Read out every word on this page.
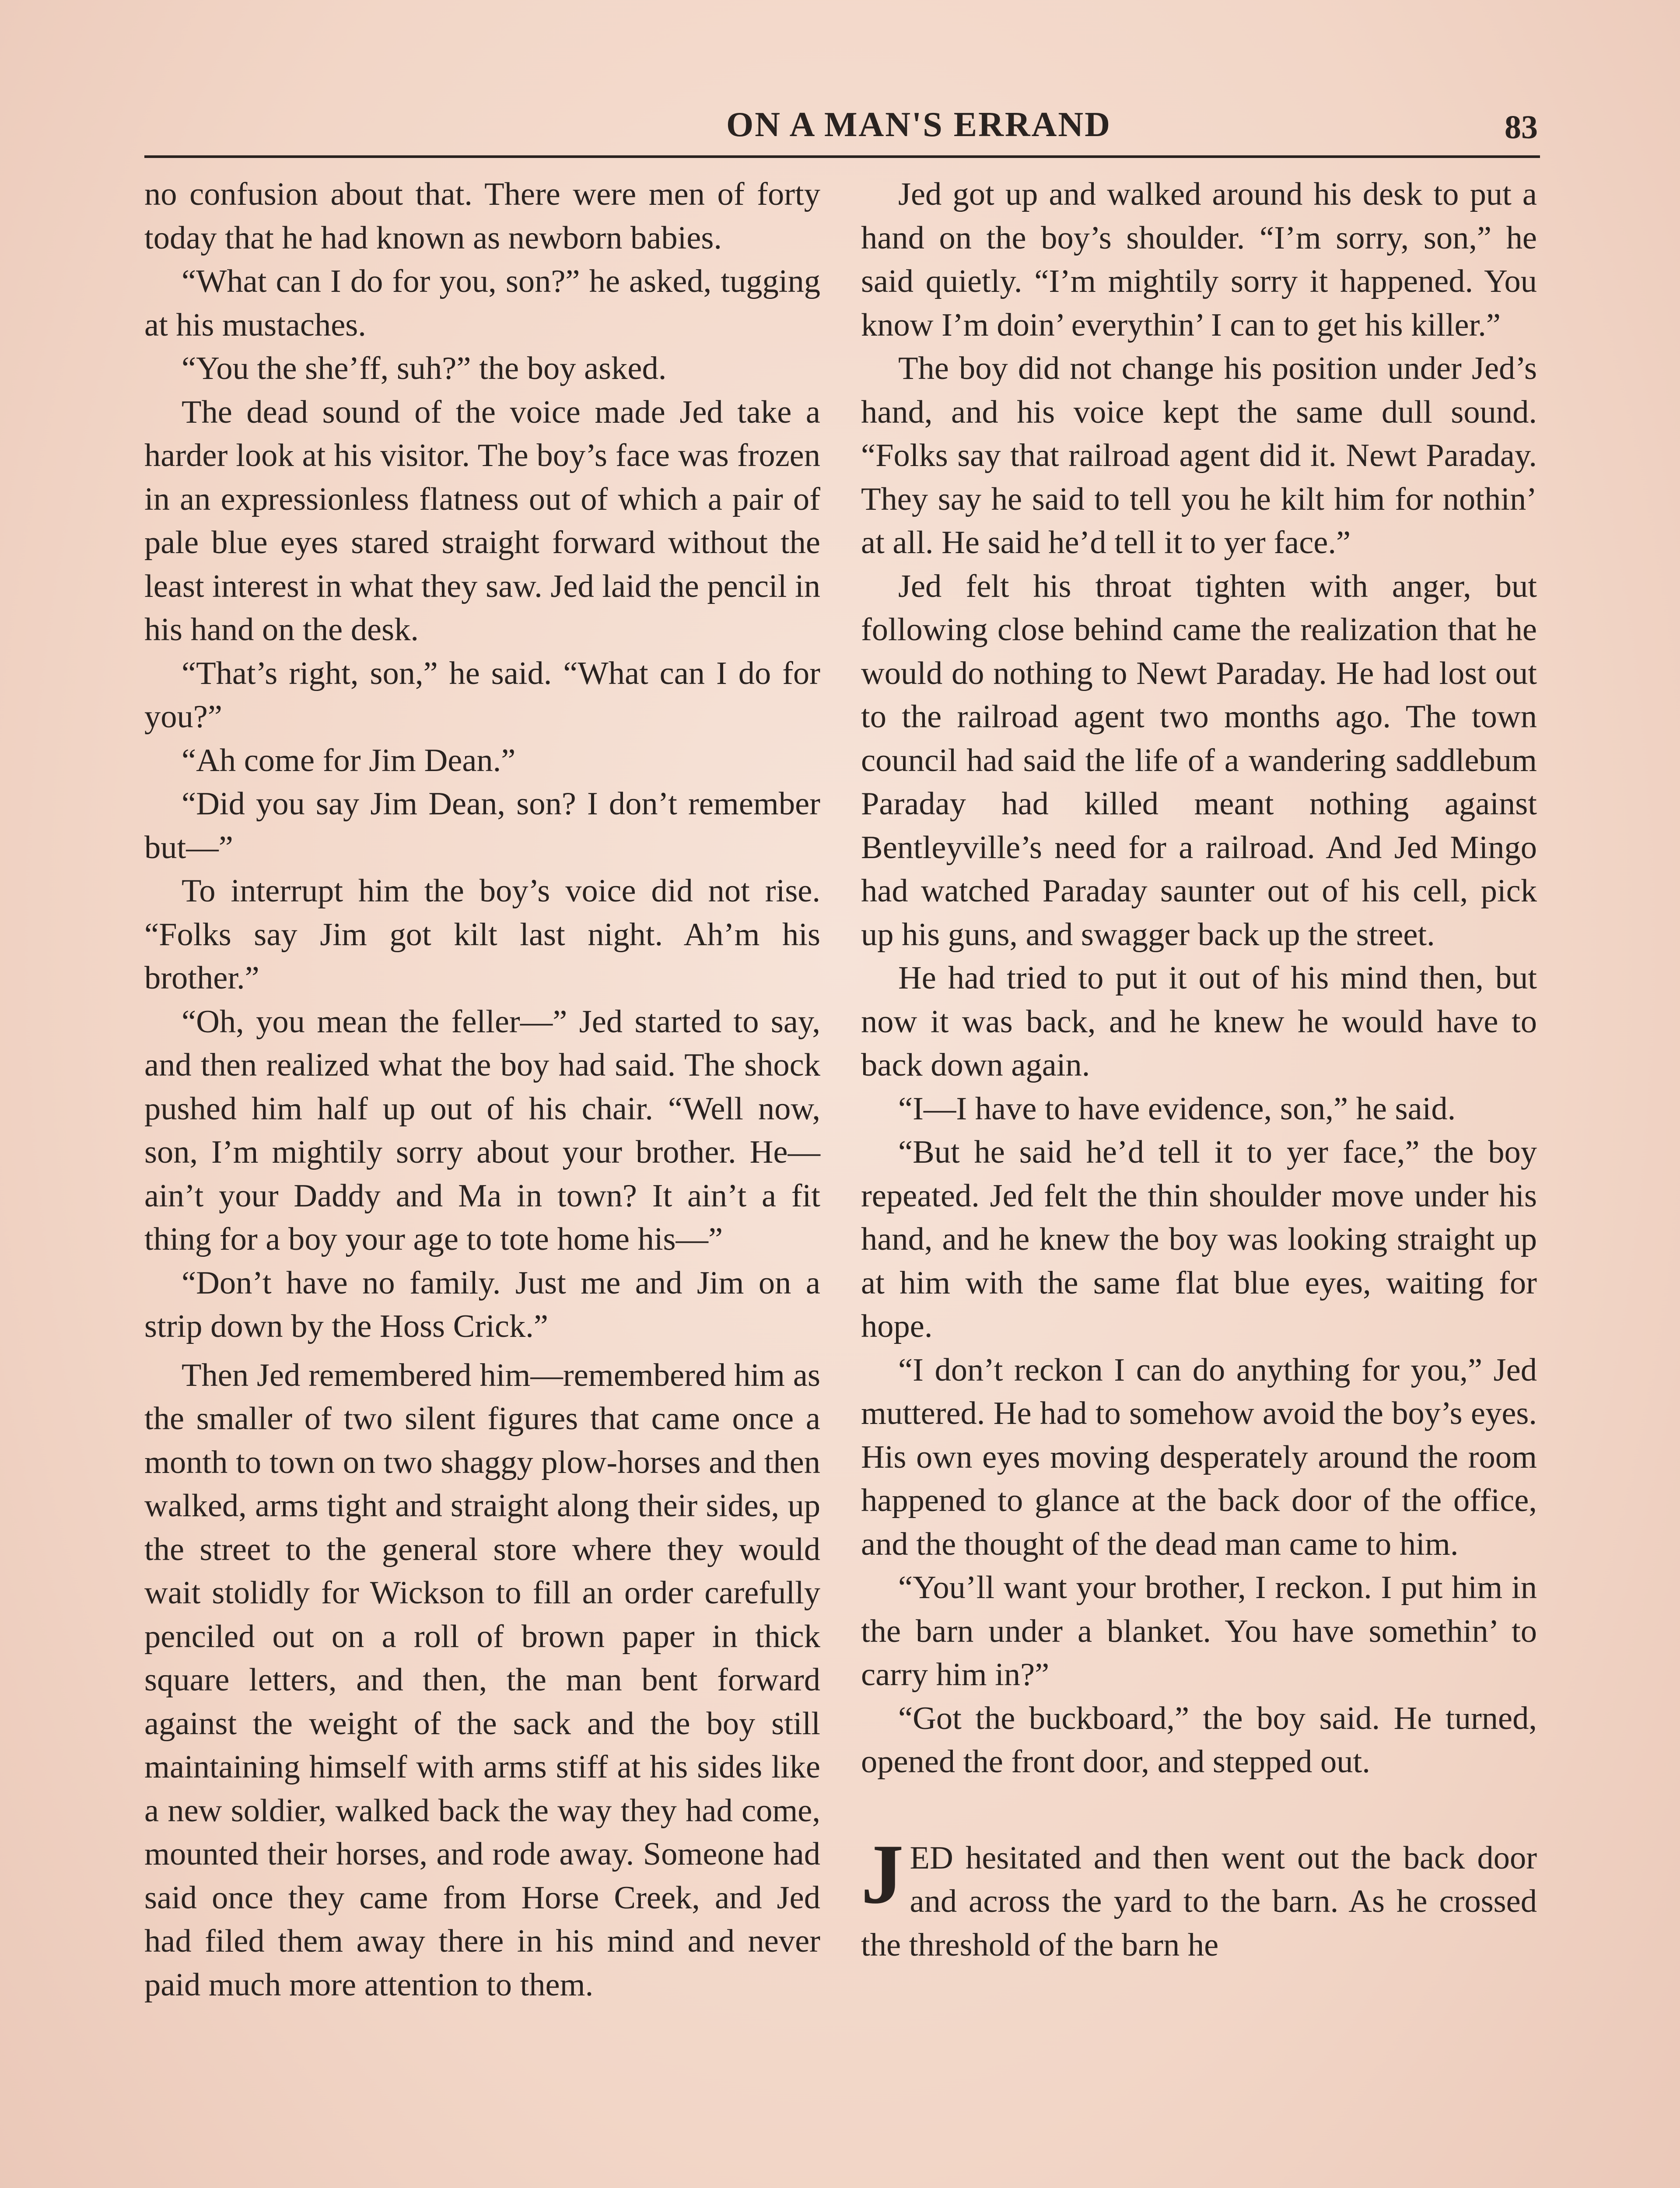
ON A MAN'S ERRAND	83

no confusion about that. There were men of forty today that he had known as newborn babies.

“What can I do for you, son?” he asked, tugging at his mustaches.

“You the she’ff, suh?” the boy asked.

The dead sound of the voice made Jed take a harder look at his visitor. The boy’s face was frozen in an expressionless flatness out of which a pair of pale blue eyes stared straight forward without the least interest in what they saw. Jed laid the pencil in his hand on the desk.

“That’s right, son,” he said. “What can I do for you?”

“Ah come for Jim Dean.”

“Did you say Jim Dean, son? I don’t remember but—”

To interrupt him the boy’s voice did not rise. “Folks say Jim got kilt last night. Ah’m his brother.”

“Oh, you mean the feller—” Jed started to say, and then realized what the boy had said. The shock pushed him half up out of his chair. “Well now, son, I’m mightily sorry about your brother. He—ain’t your Daddy and Ma in town? It ain’t a fit thing for a boy your age to tote home his—”

“Don’t have no family. Just me and Jim on a strip down by the Hoss Crick.”

Then Jed remembered him—remembered him as the smaller of two silent figures that came once a month to town on two shaggy plow-horses and then walked, arms tight and straight along their sides, up the street to the general store where they would wait stolidly for Wickson to fill an order carefully penciled out on a roll of brown paper in thick square letters, and then, the man bent forward against the weight of the sack and the boy still maintaining himself with arms stiff at his sides like a new soldier, walked back the way they had come, mounted their horses, and rode away. Someone had said once they came from Horse Creek, and Jed had filed them away there in his mind and never paid much more attention to them.

Jed got up and walked around his desk to put a hand on the boy’s shoulder. “I’m sorry, son,” he said quietly. “I’m mightily sorry it happened. You know I’m doin’ everythin’ I can to get his killer.”

The boy did not change his position under Jed’s hand, and his voice kept the same dull sound. “Folks say that railroad agent did it. Newt Paraday. They say he said to tell you he kilt him for nothin’ at all. He said he’d tell it to yer face.”

Jed felt his throat tighten with anger, but following close behind came the realization that he would do nothing to Newt Paraday. He had lost out to the railroad agent two months ago. The town council had said the life of a wandering saddlebum Paraday had killed meant nothing against Bentleyville’s need for a railroad. And Jed Mingo had watched Paraday saunter out of his cell, pick up his guns, and swagger back up the street.

He had tried to put it out of his mind then, but now it was back, and he knew he would have to back down again.

“I—I have to have evidence, son,” he said.

“But he said he’d tell it to yer face,” the boy repeated. Jed felt the thin shoulder move under his hand, and he knew the boy was looking straight up at him with the same flat blue eyes, waiting for hope.

“I don’t reckon I can do anything for you,” Jed muttered. He had to somehow avoid the boy’s eyes. His own eyes moving desperately around the room happened to glance at the back door of the office, and the thought of the dead man came to him.

“You’ll want your brother, I reckon. I put him in the barn under a blanket. You have somethin’ to carry him in?”

“Got the buckboard,” the boy said. He turned, opened the front door, and stepped out.

JED hesitated and then went out the back door and across the yard to the barn. As he crossed the threshold of the barn he
